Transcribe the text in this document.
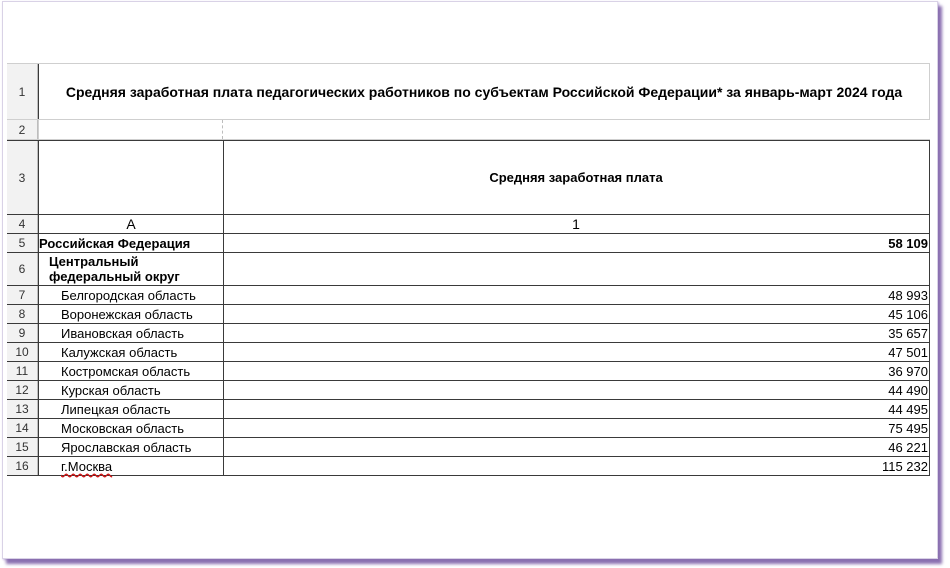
1	Средняя заработная плата педагогических работников по субъектам Российской Федерации* за январь-март 2024 года
2
3	Средняя заработная плата
4	А	1
5	Российская Федерация	58 109
6	Центральный
федеральный округ
7	Белгородская область	48 993
8	Воронежская область	45 106
9	Ивановская область	35 657
10	Калужская область	47 501
11	Костромская область	36 970
12	Курская область	44 490
13	Липецкая область	44 495
14	Московская область	75 495
15	Ярославская область	46 221
16	г.Москва	115 232
